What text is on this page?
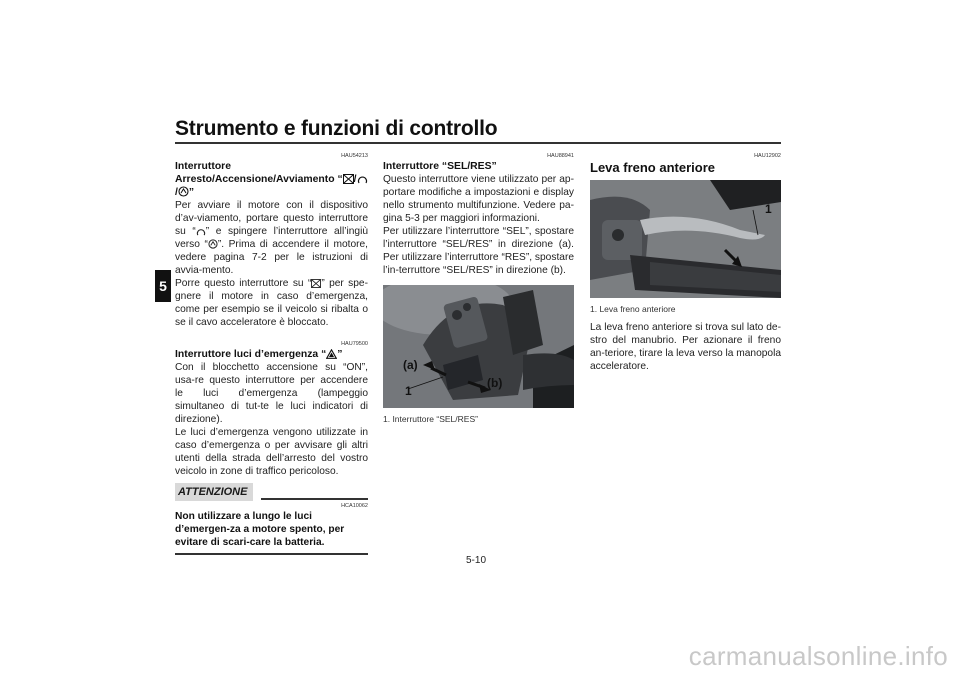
Strumento e funzioni di controllo
5
HAU54213
Interruttore
Arresto/Accensione/Avviamento “ /
/ ”

Per avviare il motore con il dispositivo d’av-viamento, portare questo interruttore su “ ” e spingere l’interruttore all’ingiù verso “ ”. Prima di accendere il motore, vedere pagina 7-2 per le istruzioni di avvia-mento.

Porre questo interruttore su “ ” per spe-gnere il motore in caso d’emergenza, come per esempio se il veicolo si ribalta o se il cavo acceleratore è bloccato.

HAU79500
Interruttore luci d’emergenza “ ”

Con il blocchetto accensione su “ON”, usa-re questo interruttore per accendere le luci d’emergenza (lampeggio simultaneo di tut-te le luci indicatori di direzione).

Le luci d’emergenza vengono utilizzate in caso d’emergenza o per avvisare gli altri utenti della strada dell’arresto del vostro veicolo in zone di traffico pericoloso.

ATTENZIONE
HCA10062
Non utilizzare a lungo le luci d’emergen-za a motore spento, per evitare di scari-care la batteria.
HAU88941
Interruttore “SEL/RES”

Questo interruttore viene utilizzato per ap-portare modifiche a impostazioni e display nello strumento multifunzione. Vedere pa-gina 5-3 per maggiori informazioni.

Per utilizzare l’interruttore “SEL”, spostare l’interruttore “SEL/RES” in direzione (a). Per utilizzare l’interruttore “RES”, spostare l’in-terruttore “SEL/RES” in direzione (b).

(a)
(b)
1
1. Interruttore “SEL/RES”
HAU12902
Leva freno anteriore
1
1. Leva freno anteriore

La leva freno anteriore si trova sul lato de-stro del manubrio. Per azionare il freno an-teriore, tirare la leva verso la manopola acceleratore.

5-10
carmanualsonline.info
